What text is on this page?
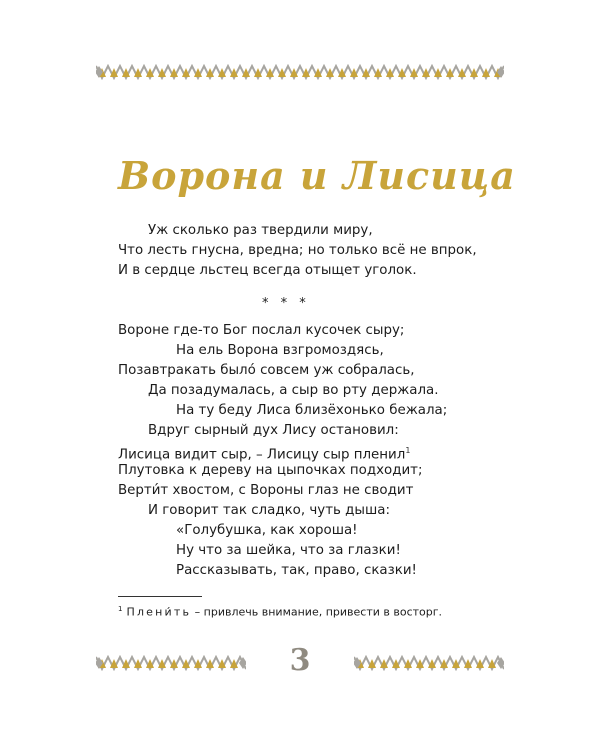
Ворона и Лисица
Уж сколько раз твердили миру,
Что лесть гнусна, вредна; но только всё не впрок,
И в сердце льстец всегда отыщет уголок.
* * *
Вороне где-то Бог послал кусочек сыру;
На ель Ворона взгромоздясь,
Позавтракать было́ совсем уж собралась,
Да позадумалась, а сыр во рту держала.
На ту беду Лиса близёхонько бежала;
Вдруг сырный дух Лису остановил:
Лисица видит сыр, – Лисицу сыр пленил$^1$
Плутовка к дереву на цыпочках подходит;
Верти́т хвостом, с Вороны глаз не сводит
И говорит так сладко, чуть дыша:
«Голубушка, как хороша!
Ну что за шейка, что за глазки!
Рассказывать, так, право, сказки!
$^1$ Плени́ть – привлечь внимание, привести в восторг.
3
